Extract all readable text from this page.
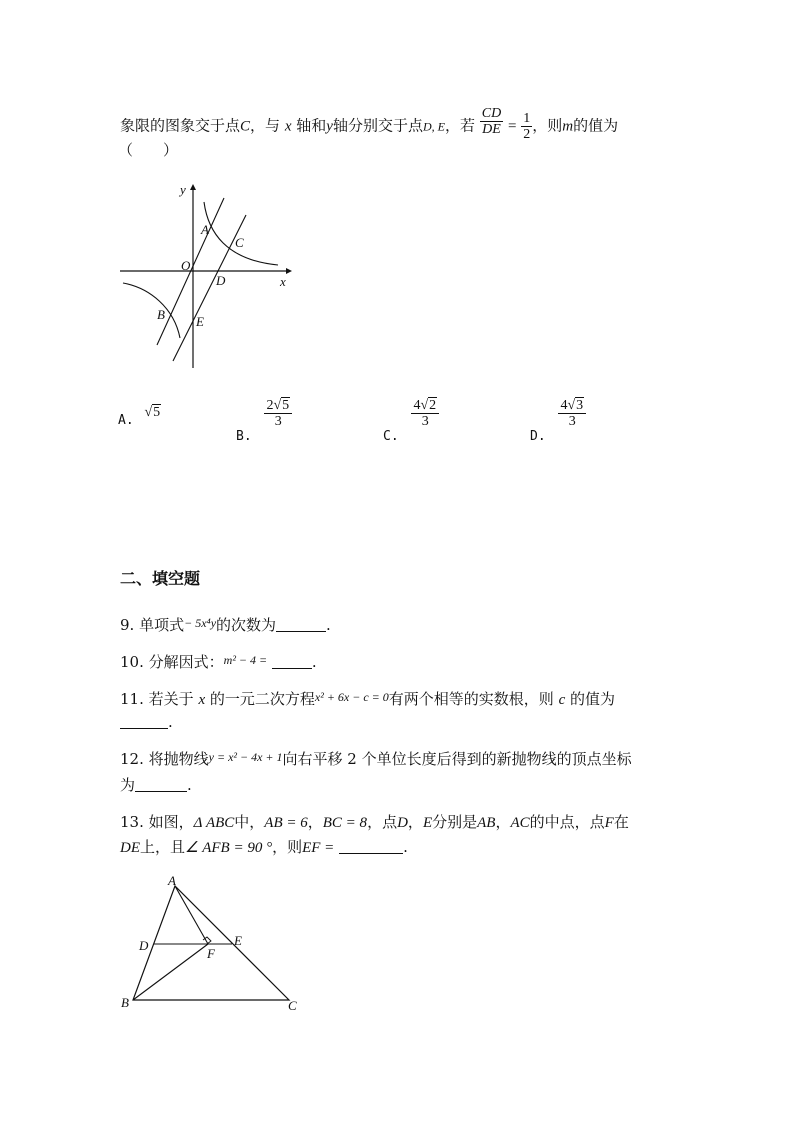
象限的图象交于点C，与 x 轴和y轴分别交于点D, E，若 $\frac{CD}{DE} = \frac{1}{2}$ ，则m的值为
（　　）
y
x
O
A
C
D
B E
A. √5
B.
$\frac{2√5}{3}$
C.
$\frac{4√2}{3}$
D.
$\frac{4√3}{3}$
二、填空题
9. 单项式$^{- 5x^4y}$的次数为	.
10. 分解因式：$^{m^2 - 4 =}$	.
11. 若关于 x 的一元二次方程$^{x^2 + 6x - c = 0}$有两个相等的实数根，则 c 的值为
.
12. 将抛物线$^{y = x^2 - 4x + 1}$向右平移 2 个单位长度后得到的新抛物线的顶点坐标
为	.
13. 如图，Δ ABC中，AB = 6，BC = 8，点D，E分别是AB，AC的中点，点F在
DE上，且∠ AFB = 90 °，则EF =	.
A
D	E
F
B	C
